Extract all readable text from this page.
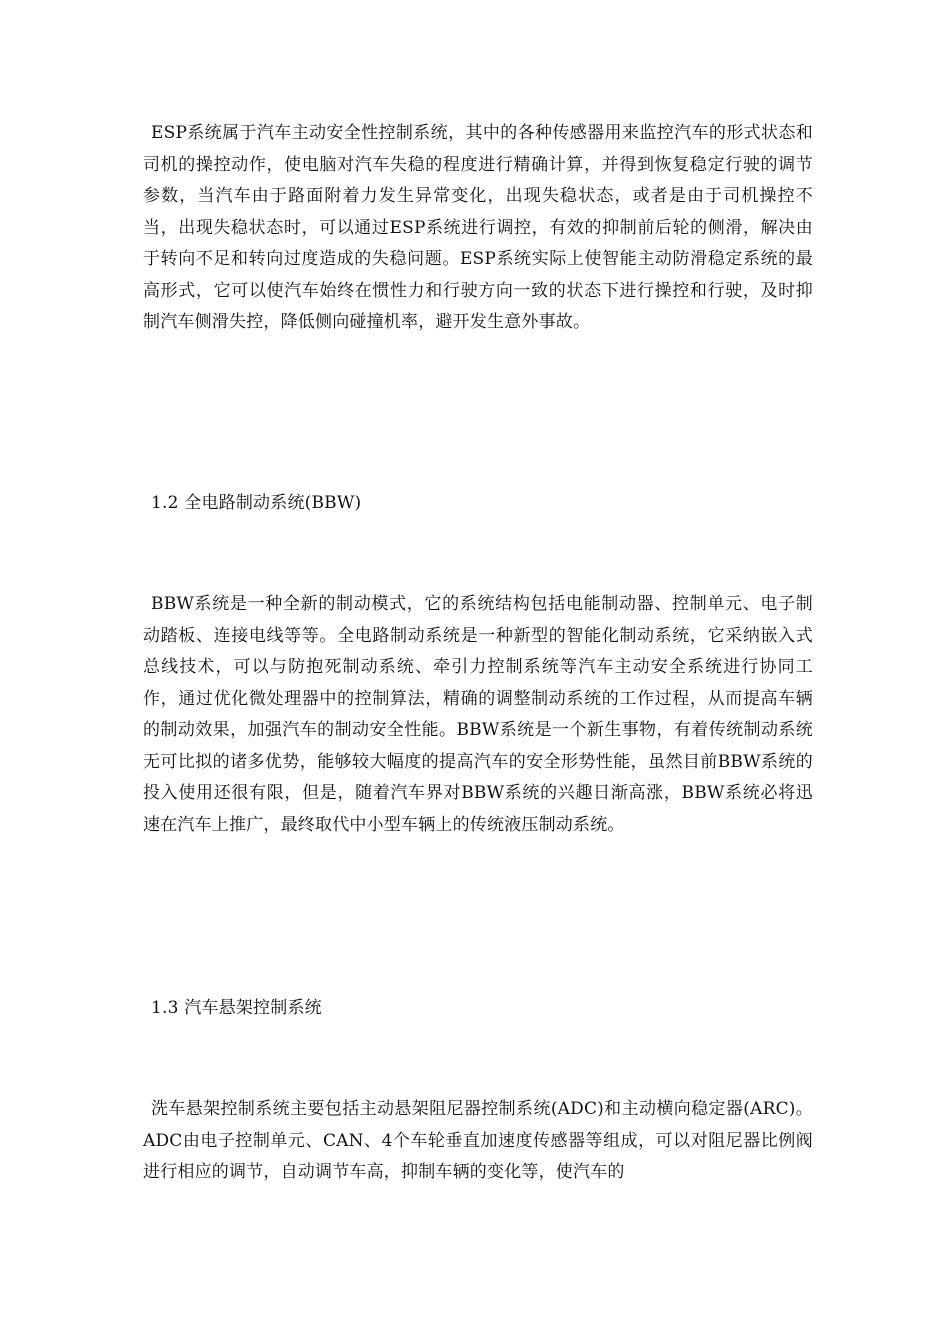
ESP系统属于汽车主动安全性控制系统，其中的各种传感器用来监控汽车的形式状态和司机的操控动作，使电脑对汽车失稳的程度进行精确计算，并得到恢复稳定行驶的调节参数，当汽车由于路面附着力发生异常变化，出现失稳状态，或者是由于司机操控不当，出现失稳状态时，可以通过ESP系统进行调控，有效的抑制前后轮的侧滑，解决由于转向不足和转向过度造成的失稳问题。ESP系统实际上使智能主动防滑稳定系统的最高形式，它可以使汽车始终在惯性力和行驶方向一致的状态下进行操控和行驶，及时抑制汽车侧滑失控，降低侧向碰撞机率，避开发生意外事故。

1.2 全电路制动系统(BBW)

BBW系统是一种全新的制动模式，它的系统结构包括电能制动器、控制单元、电子制动踏板、连接电线等等。全电路制动系统是一种新型的智能化制动系统，它采纳嵌入式总线技术，可以与防抱死制动系统、牵引力控制系统等汽车主动安全系统进行协同工作，通过优化微处理器中的控制算法，精确的调整制动系统的工作过程，从而提高车辆的制动效果，加强汽车的制动安全性能。BBW系统是一个新生事物，有着传统制动系统无可比拟的诸多优势，能够较大幅度的提高汽车的安全形势性能，虽然目前BBW系统的投入使用还很有限，但是，随着汽车界对BBW系统的兴趣日渐高涨，BBW系统必将迅速在汽车上推广，最终取代中小型车辆上的传统液压制动系统。

1.3 汽车悬架控制系统

洗车悬架控制系统主要包括主动悬架阻尼器控制系统(ADC)和主动横向稳定器(ARC)。ADC由电子控制单元、CAN、4个车轮垂直加速度传感器等组成，可以对阻尼器比例阀进行相应的调节，自动调节车高，抑制车辆的变化等，使汽车的
